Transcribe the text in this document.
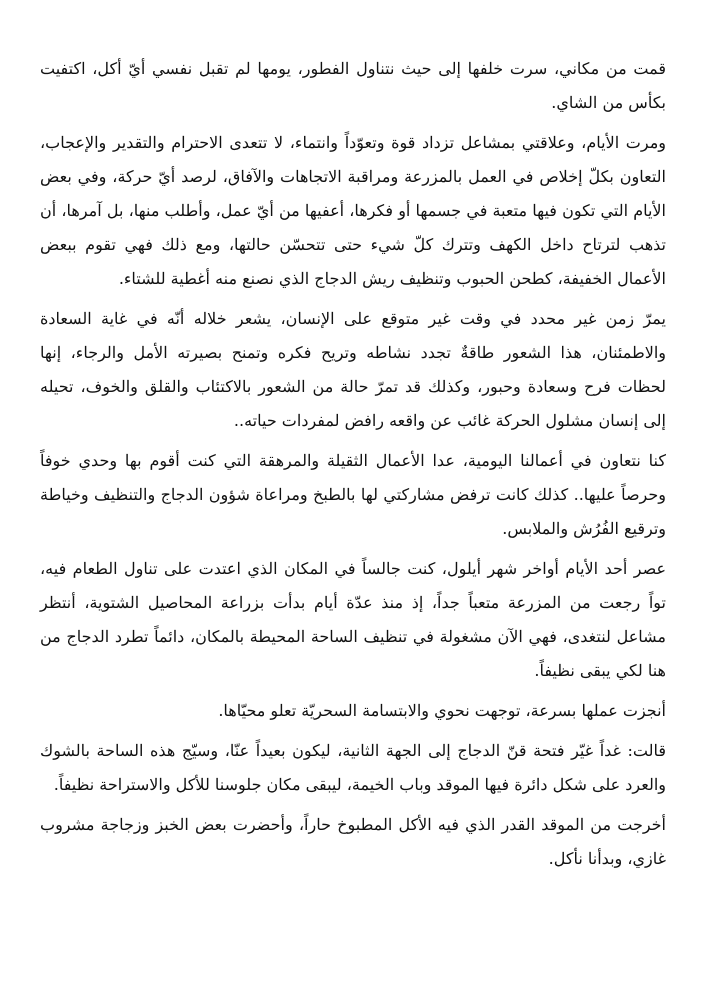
قمت من مكاني، سرت خلفها إلى حيث نتناول الفطور، يومها لم تقبل نفسي أيّ أكل، اكتفيت بكأس من الشاي.

ومرت الأيام، وعلاقتي بمشاعل تزداد قوة وتعوّداً وانتماء، لا تتعدى الاحترام والتقدير والإعجاب، التعاون بكلّ إخلاص في العمل بالمزرعة ومراقبة الاتجاهات والآفاق، لرصد أيّ حركة، وفي بعض الأيام التي تكون فيها متعبة في جسمها أو فكرها، أعفيها من أيّ عمل، وأطلب منها، بل آمرها، أن تذهب لترتاح داخل الكهف وتترك كلّ شيء حتى تتحسّن حالتها، ومع ذلك فهي تقوم ببعض الأعمال الخفيفة، كطحن الحبوب وتنظيف ريش الدجاج الذي نصنع منه أغطية للشتاء.

يمرّ زمن غير محدد في وقت غير متوقع على الإنسان، يشعر خلاله أنّه في غاية السعادة والاطمئنان، هذا الشعور طاقةٌ تجدد نشاطه وتريح فكره وتمنح بصيرته الأمل والرجاء، إنها لحظات فرح وسعادة وحبور، وكذلك قد تمرّ حالة من الشعور بالاكتئاب والقلق والخوف، تحيله إلى إنسان مشلول الحركة غائب عن واقعه رافض لمفردات حياته..

كنا نتعاون في أعمالنا اليومية، عدا الأعمال الثقيلة والمرهقة التي كنت أقوم بها وحدي خوفاً وحرصاً عليها.. كذلك كانت ترفض مشاركتي لها بالطبخ ومراعاة شؤون الدجاج والتنظيف وخياطة وترقيع الفُرُش والملابس.

عصر أحد الأيام أواخر شهر أيلول، كنت جالساً في المكان الذي اعتدت على تناول الطعام فيه، تواً رجعت من المزرعة متعباً جداً، إذ منذ عدّة أيام بدأت بزراعة المحاصيل الشتوية، أنتظر مشاعل لنتغدى، فهي الآن مشغولة في تنظيف الساحة المحيطة بالمكان، دائماً تطرد الدجاج من هنا لكي يبقى نظيفاً.

أنجزت عملها بسرعة، توجهت نحوي والابتسامة السحريّة تعلو محيّاها.

قالت: غداً غيّر فتحة قنّ الدجاج إلى الجهة الثانية، ليكون بعيداً عنّا، وسيّج هذه الساحة بالشوك والعرد على شكل دائرة فيها الموقد وباب الخيمة، ليبقى مكان جلوسنا للأكل والاستراحة نظيفاً.

أخرجت من الموقد القدر الذي فيه الأكل المطبوخ حاراً، وأحضرت بعض الخبز وزجاجة مشروب غازي، وبدأنا نأكل.
